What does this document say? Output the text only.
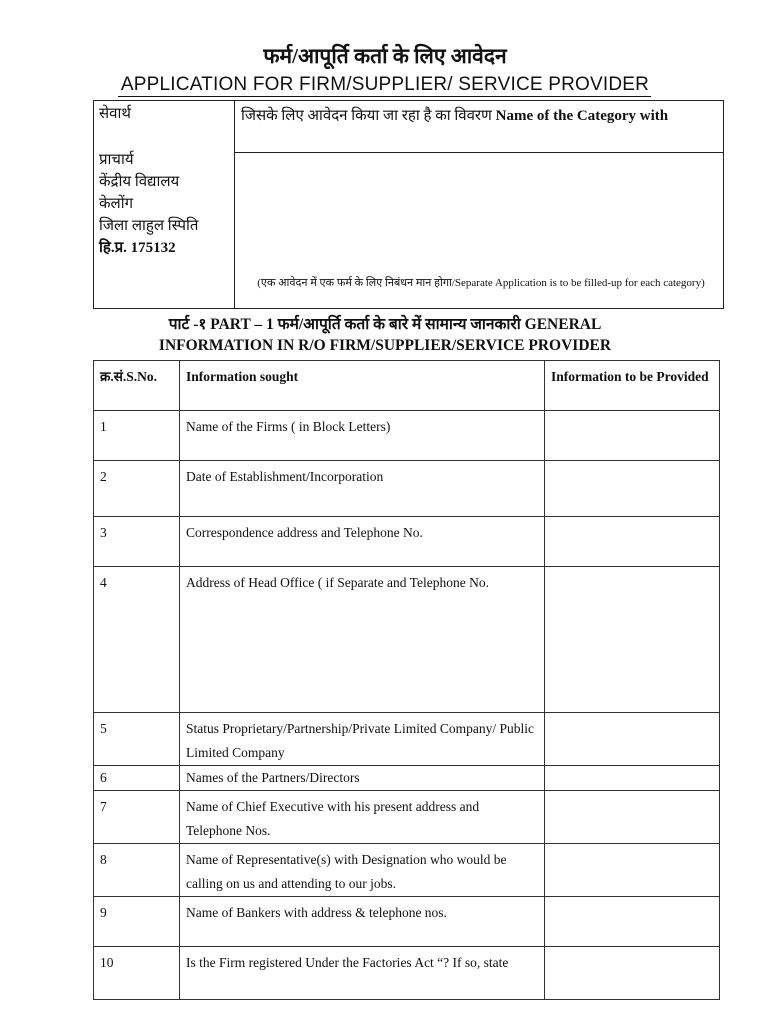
फर्म/आपूर्ति कर्ता के लिए आवेदन
APPLICATION FOR FIRM/SUPPLIER/ SERVICE PROVIDER
सेवार्थ
प्राचार्य
केंद्रीय विद्यालय
केलोंग
जिला लाहुल स्पिति
हि.प्र. 175132
जिसके लिए आवेदन किया जा रहा है का विवरण Name of the Category with
(एक आवेदन में एक फर्म के लिए निबंधन मान होगा/Separate Application is to be filled-up for each category)
पार्ट -१ PART – 1 फर्म/आपूर्ति कर्ता के बारे में सामान्य जानकारी GENERAL
INFORMATION IN R/O FIRM/SUPPLIER/SERVICE PROVIDER
क्र.सं.S.No.	Information sought	Information to be Provided
1	Name of the Firms ( in Block Letters)	
2	Date of Establishment/Incorporation	
3	Correspondence address and Telephone No.	
4	Address of Head Office ( if Separate and Telephone No.	
5	Status Proprietary/Partnership/Private Limited Company/ Public Limited Company	
6	Names of the Partners/Directors	
7	Name of Chief Executive with his present address and Telephone Nos.	
8	Name of Representative(s) with Designation who would be calling on us and attending to our jobs.	
9	Name of Bankers with address & telephone nos.	
10	Is the Firm registered Under the Factories Act “? If so, state	
